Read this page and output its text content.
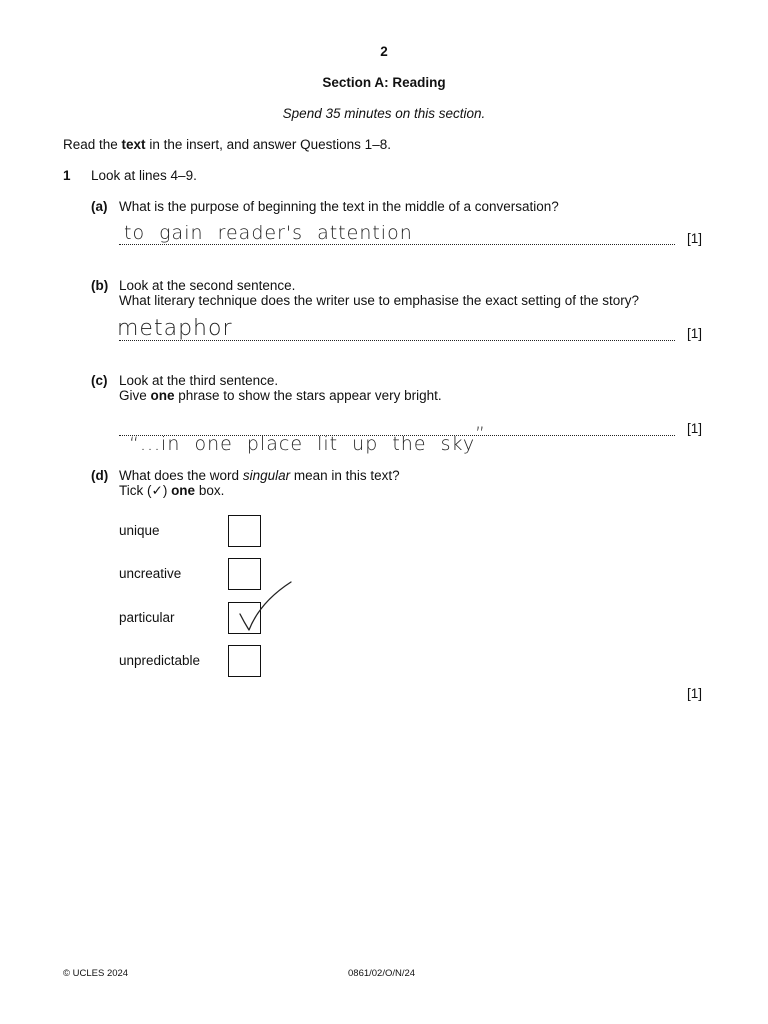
2
Section A: Reading
Spend 35 minutes on this section.
Read the text in the insert, and answer Questions 1–8.
1 Look at lines 4–9.
(a) What is the purpose of beginning the text in the middle of a conversation?
to  gain  reader's  attention	[1]
(b) Look at the second sentence.
What literary technique does the writer use to emphasise the exact setting of the story?
metaphor	[1]
(c) Look at the third sentence.
Give one phrase to show the stars appear very bright.

“...in  one  place  lit  up  the  sky”	[1]
(d) What does the word singular mean in this text?
Tick (✓) one box.
unique
uncreative
particular
unpredictable
[1]
© UCLES 2024	0861/02/O/N/24
